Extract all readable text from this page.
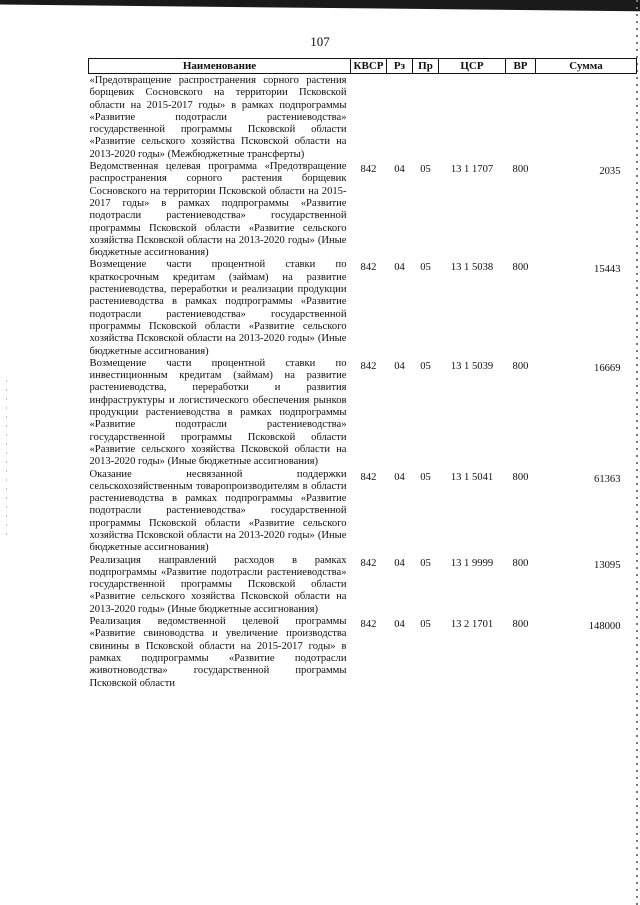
107
Наименование	КВСР	Рз	Пр	ЦСР	ВР	Сумма
«Предотвращение распространения сорного растения борщевик Сосновского на территории Псковской области на 2015-2017 годы» в рамках подпрограммы «Развитие подотрасли растениеводства» государственной программы Псковской области «Развитие сельского хозяйства Псковской области на 2013-2020 годы» (Межбюджетные трансферты)						
Ведомственная целевая программа «Предотвращение распространения сорного растения борщевик Сосновского на территории Псковской области на 2015-2017 годы» в рамках подпрограммы «Развитие подотрасли растениеводства» государственной программы Псковской области «Развитие сельского хозяйства Псковской области на 2013-2020 годы» (Иные бюджетные ассигнования)	842	04	05	13 1 1707	800	2035
Возмещение части процентной ставки по краткосрочным кредитам (займам) на развитие растениеводства, переработки и реализации продукции растениеводства в рамках подпрограммы «Развитие подотрасли растениеводства» государственной программы Псковской области «Развитие сельского хозяйства Псковской области на 2013-2020 годы» (Иные бюджетные ассигнования)	842	04	05	13 1 5038	800	15443
Возмещение части процентной ставки по инвестиционным кредитам (займам) на развитие растениеводства, переработки и развития инфраструктуры и логистического обеспечения рынков продукции растениеводства в рамках подпрограммы «Развитие подотрасли растениеводства» государственной программы Псковской области «Развитие сельского хозяйства Псковской области на 2013-2020 годы» (Иные бюджетные ассигнования)	842	04	05	13 1 5039	800	16669
Оказание несвязанной поддержки сельскохозяйственным товаропроизводителям в области растениеводства в рамках подпрограммы «Развитие подотрасли растениеводства» государственной программы Псковской области «Развитие сельского хозяйства Псковской области на 2013-2020 годы» (Иные бюджетные ассигнования)	842	04	05	13 1 5041	800	61363
Реализация направлений расходов в рамках подпрограммы «Развитие подотрасли растениеводства» государственной программы Псковской области «Развитие сельского хозяйства Псковской области на 2013-2020 годы» (Иные бюджетные ассигнования)	842	04	05	13 1 9999	800	13095
Реализация ведомственной целевой программы «Развитие свиноводства и увеличение производства свинины в Псковской области на 2015-2017 годы» в рамках подпрограммы «Развитие подотрасли животноводства» государственной программы Псковской области	842	04	05	13 2 1701	800	148000
